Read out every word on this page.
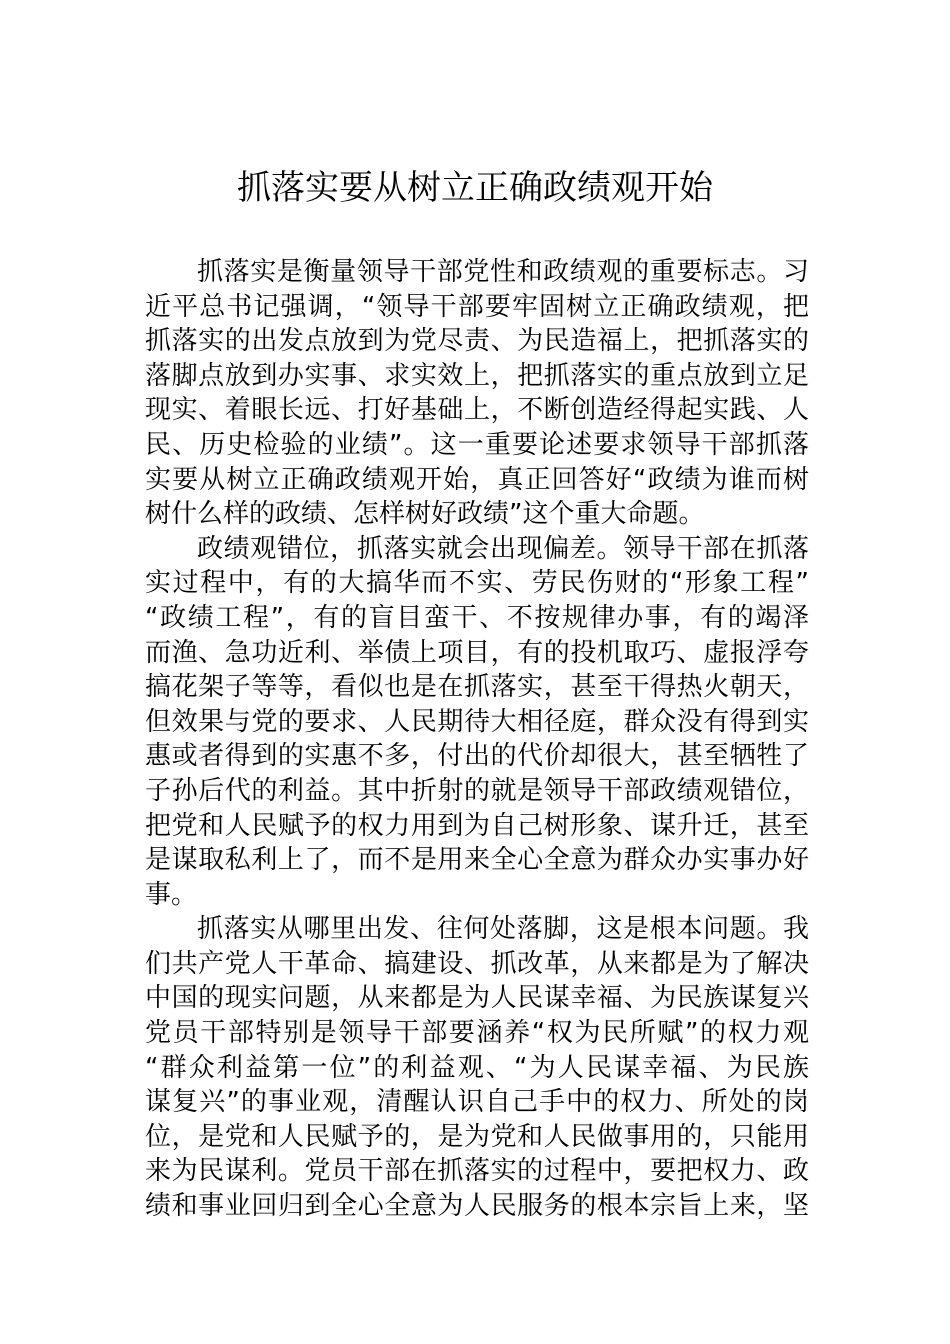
抓落实要从树立正确政绩观开始
抓落实是衡量领导干部党性和政绩观的重要标志。习
近平总书记强调，“领导干部要牢固树立正确政绩观，把
抓落实的出发点放到为党尽责、为民造福上，把抓落实的
落脚点放到办实事、求实效上，把抓落实的重点放到立足
现实、着眼长远、打好基础上，不断创造经得起实践、人
民、历史检验的业绩”。这一重要论述要求领导干部抓落
实要从树立正确政绩观开始，真正回答好“政绩为谁而树
树什么样的政绩、怎样树好政绩”这个重大命题。
政绩观错位，抓落实就会出现偏差。领导干部在抓落
实过程中，有的大搞华而不实、劳民伤财的“形象工程”
“政绩工程”，有的盲目蛮干、不按规律办事，有的竭泽
而渔、急功近利、举债上项目，有的投机取巧、虚报浮夸
搞花架子等等，看似也是在抓落实，甚至干得热火朝天，
但效果与党的要求、人民期待大相径庭，群众没有得到实
惠或者得到的实惠不多，付出的代价却很大，甚至牺牲了
子孙后代的利益。其中折射的就是领导干部政绩观错位，
把党和人民赋予的权力用到为自己树形象、谋升迁，甚至
是谋取私利上了，而不是用来全心全意为群众办实事办好
事。
抓落实从哪里出发、往何处落脚，这是根本问题。我
们共产党人干革命、搞建设、抓改革，从来都是为了解决
中国的现实问题，从来都是为人民谋幸福、为民族谋复兴
党员干部特别是领导干部要涵养“权为民所赋”的权力观
“群众利益第一位”的利益观、“为人民谋幸福、为民族
谋复兴”的事业观，清醒认识自己手中的权力、所处的岗
位，是党和人民赋予的，是为党和人民做事用的，只能用
来为民谋利。党员干部在抓落实的过程中，要把权力、政
绩和事业回归到全心全意为人民服务的根本宗旨上来，坚
